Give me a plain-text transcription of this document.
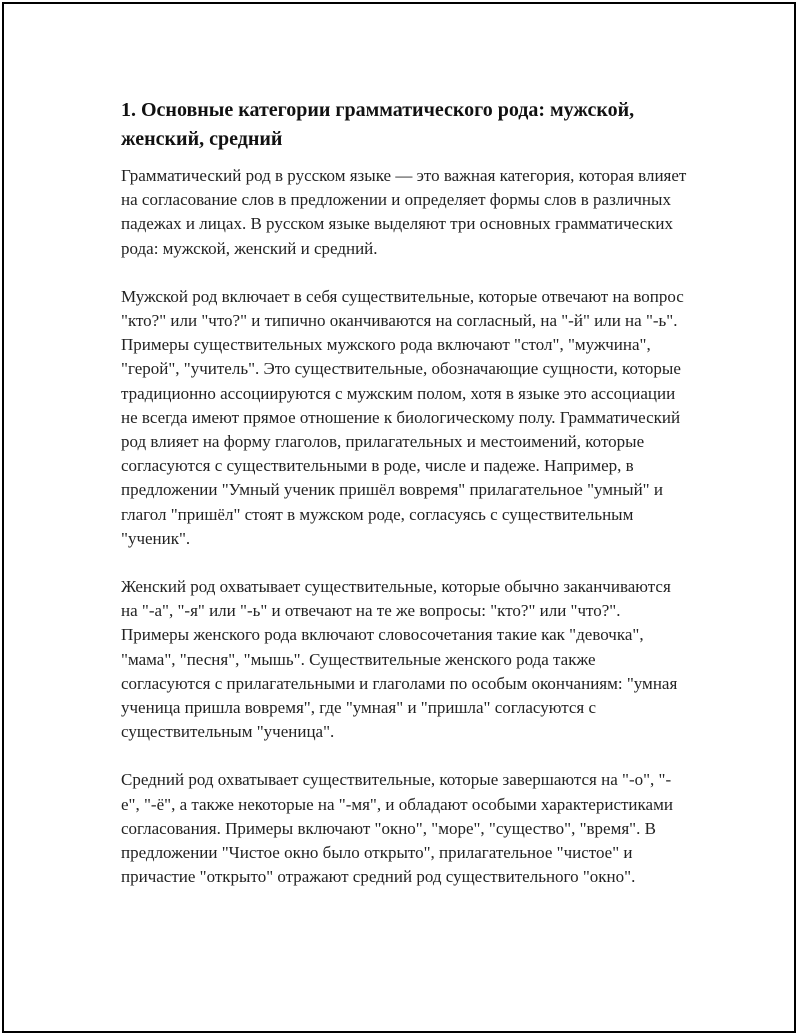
1. Основные категории грамматического рода: мужской, женский, средний

Грамматический род в русском языке — это важная категория, которая влияет на согласование слов в предложении и определяет формы слов в различных падежах и лицах. В русском языке выделяют три основных грамматических рода: мужской, женский и средний.

Мужской род включает в себя существительные, которые отвечают на вопрос "кто?" или "что?" и типично оканчиваются на согласный, на "-й" или на "-ь". Примеры существительных мужского рода включают "стол", "мужчина", "герой", "учитель". Это существительные, обозначающие сущности, которые традиционно ассоциируются с мужским полом, хотя в языке это ассоциации не всегда имеют прямое отношение к биологическому полу. Грамматический род влияет на форму глаголов, прилагательных и местоимений, которые согласуются с существительными в роде, числе и падеже. Например, в предложении "Умный ученик пришёл вовремя" прилагательное "умный" и глагол "пришёл" стоят в мужском роде, согласуясь с существительным "ученик".

Женский род охватывает существительные, которые обычно заканчиваются на "-а", "-я" или "-ь" и отвечают на те же вопросы: "кто?" или "что?". Примеры женского рода включают словосочетания такие как "девочка", "мама", "песня", "мышь". Существительные женского рода также согласуются с прилагательными и глаголами по особым окончаниям: "умная ученица пришла вовремя", где "умная" и "пришла" согласуются с существительным "ученица".

Средний род охватывает существительные, которые завершаются на "-о", "-е", "-ё", а также некоторые на "-мя", и обладают особыми характеристиками согласования. Примеры включают "окно", "море", "существо", "время". В предложении "Чистое окно было открыто", прилагательное "чистое" и причастие "открыто" отражают средний род существительного "окно".
